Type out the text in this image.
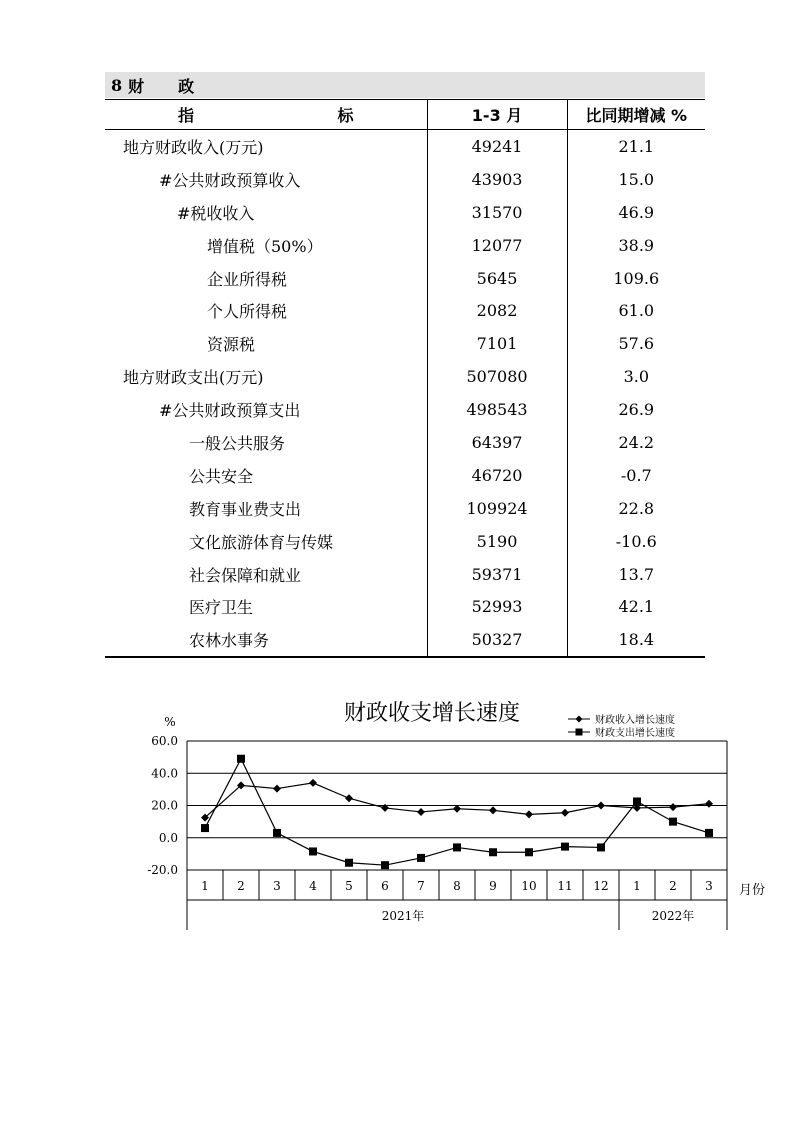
8 财 政
指 标	1-3 月	比同期增减 %
地方财政收入(万元)	49241	21.1
#公共财政预算收入	43903	15.0
#税收收入	31570	46.9
增值税（50%）	12077	38.9
企业所得税	5645	109.6
个人所得税	2082	61.0
资源税	7101	57.6
地方财政支出(万元)	507080	3.0
#公共财政预算支出	498543	26.9
一般公共服务	64397	24.2
公共安全	46720	-0.7
教育事业费支出	109924	22.8
文化旅游体育与传媒	5190	-10.6
社会保障和就业	59371	13.7
医疗卫生	52993	42.1
农林水事务	50327	18.4
财政收支增长速度
%
60.0
40.0
20.0
0.0
-20.0
1 2 3 4 5 6 7 8 9 10 11 12 1 2 3
2021年	2022年
月份
财政收入增长速度
财政支出增长速度
